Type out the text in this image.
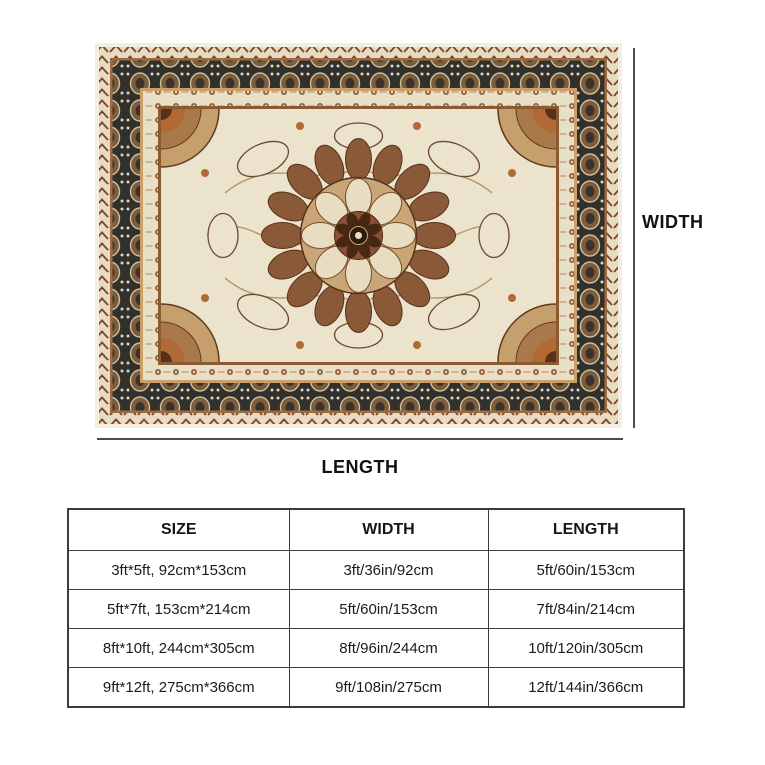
WIDTH
LENGTH
SIZE	WIDTH	LENGTH
3ft*5ft, 92cm*153cm	3ft/36in/92cm	5ft/60in/153cm
5ft*7ft, 153cm*214cm	5ft/60in/153cm	7ft/84in/214cm
8ft*10ft, 244cm*305cm	8ft/96in/244cm	10ft/120in/305cm
9ft*12ft, 275cm*366cm	9ft/108in/275cm	12ft/144in/366cm
